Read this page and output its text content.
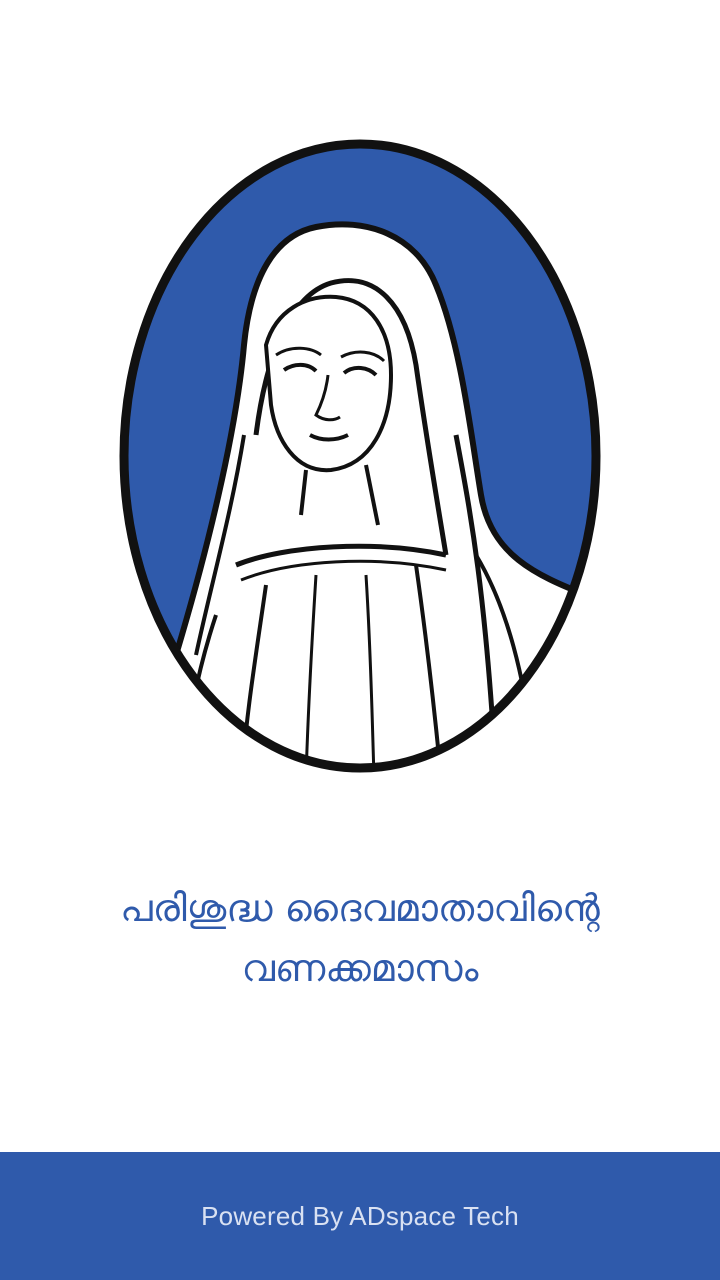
പരിശുദ്ധ ദൈവമാതാവിന്റെ
വണക്കമാസം
Powered By ADspace Tech
